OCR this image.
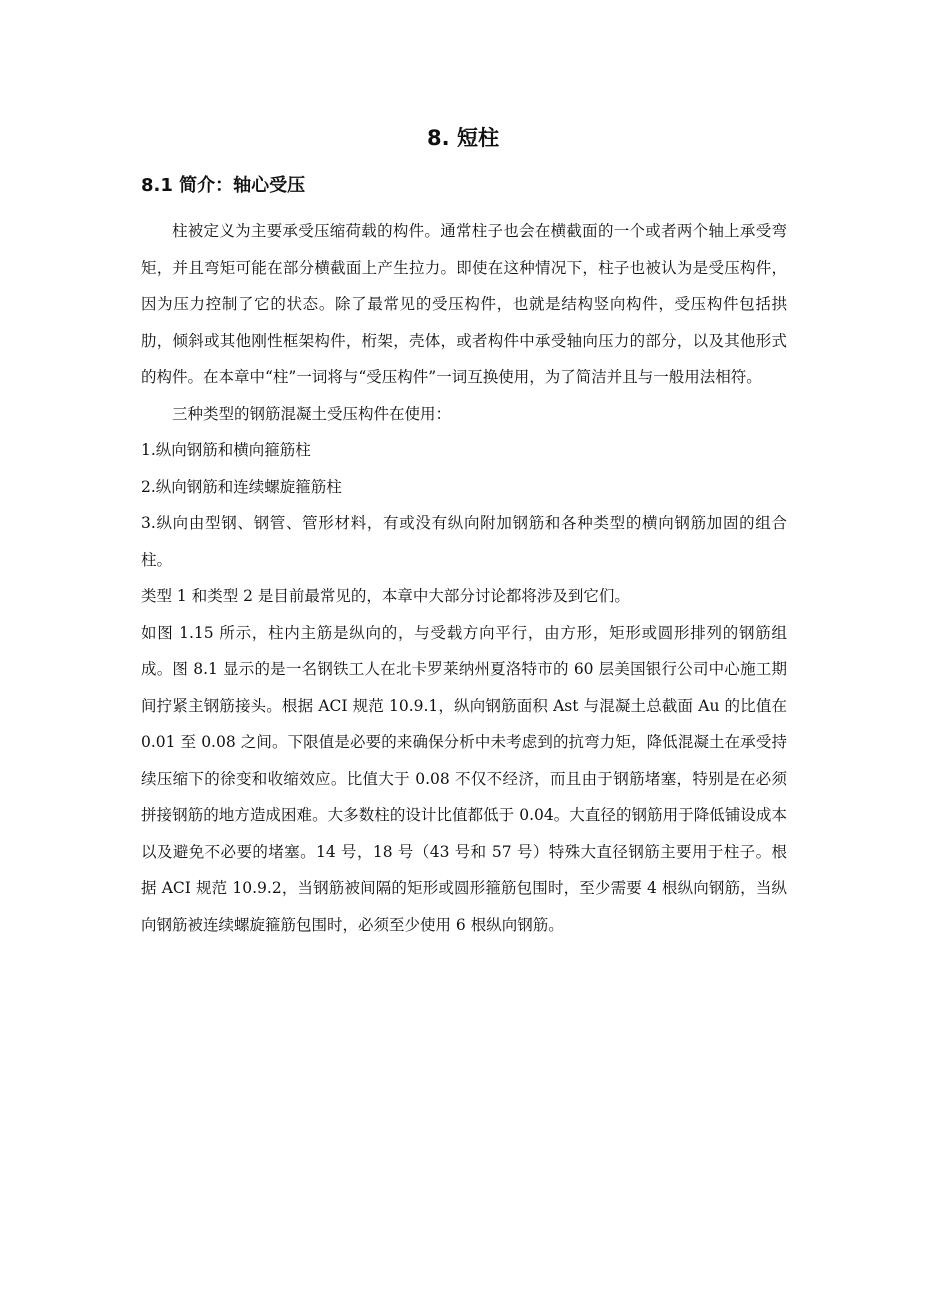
8. 短柱
8.1 简介：轴心受压

柱被定义为主要承受压缩荷载的构件。通常柱子也会在横截面的一个或者两个轴上承受弯矩，并且弯矩可能在部分横截面上产生拉力。即使在这种情况下，柱子也被认为是受压构件，因为压力控制了它的状态。除了最常见的受压构件，也就是结构竖向构件，受压构件包括拱肋，倾斜或其他刚性框架构件，桁架，壳体，或者构件中承受轴向压力的部分，以及其他形式的构件。在本章中“柱”一词将与“受压构件”一词互换使用，为了简洁并且与一般用法相符。

三种类型的钢筋混凝土受压构件在使用：

1.纵向钢筋和横向箍筋柱

2.纵向钢筋和连续螺旋箍筋柱

3.纵向由型钢、钢管、管形材料，有或没有纵向附加钢筋和各种类型的横向钢筋加固的组合柱。

类型 1 和类型 2 是目前最常见的，本章中大部分讨论都将涉及到它们。

如图 1.15 所示，柱内主筋是纵向的，与受载方向平行，由方形，矩形或圆形排列的钢筋组成。图 8.1 显示的是一名钢铁工人在北卡罗莱纳州夏洛特市的 60 层美国银行公司中心施工期间拧紧主钢筋接头。根据 ACI 规范 10.9.1，纵向钢筋面积 Ast 与混凝土总截面 Au 的比值在 0.01 至 0.08 之间。下限值是必要的来确保分析中未考虑到的抗弯力矩，降低混凝土在承受持续压缩下的徐变和收缩效应。比值大于 0.08 不仅不经济，而且由于钢筋堵塞，特别是在必须拼接钢筋的地方造成困难。大多数柱的设计比值都低于 0.04。大直径的钢筋用于降低铺设成本以及避免不必要的堵塞。14 号，18 号（43 号和 57 号）特殊大直径钢筋主要用于柱子。根据 ACI 规范 10.9.2，当钢筋被间隔的矩形或圆形箍筋包围时，至少需要 4 根纵向钢筋，当纵向钢筋被连续螺旋箍筋包围时，必须至少使用 6 根纵向钢筋。
